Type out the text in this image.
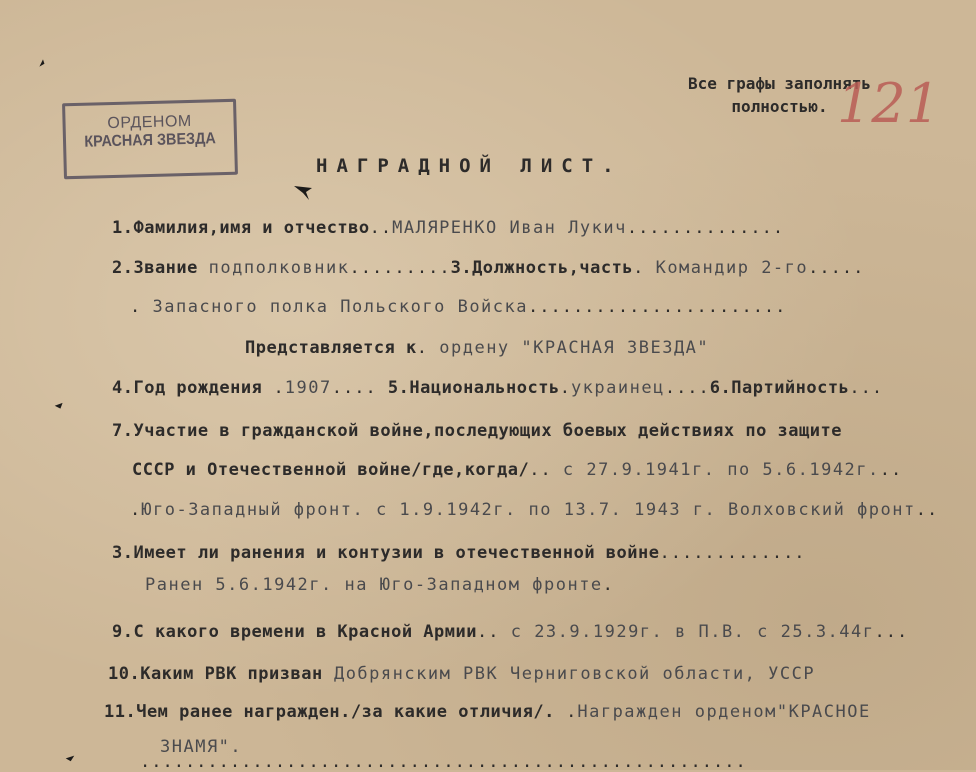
ОРДЕНОМ
КРАСНАЯ ЗВЕЗДА
Все графы заполнять
полностью. 121
НАГРАДНОЙ ЛИСТ.
1.Фамилия,имя и отчество..МАЛЯРЕНКО Иван Лукич..............
2.Звание подполковник.........3.Должность,часть. Командир 2-го.....
. Запасного полка Польского Войска.......................
Представляется к. ордену "КРАСНАЯ ЗВЕЗДА"
4.Год рождения .1907.... 5.Национальность.украинец....6.Партийность...
7.Участие в гражданской войне,последующих боевых действиях по защите
СССР и Отечественной войне/где,когда/.. с 27.9.1941г. по 5.6.1942г...
.Юго-Западный фронт. с 1.9.1942г. по 13.7. 1943 г. Волховский фронт..
3.Имеет ли ранения и контузии в отечественной войне.............
Ранен 5.6.1942г. на Юго-Западном фронте.
9.С какого времени в Красной Армии.. с 23.9.1929г. в П.В. с 25.3.44г...
10.Каким РВК призван Добрянским РВК Черниговской области, УССР
11.Чем ранее награжден./за какие отличия/. .Награжден орденом"КРАСНОЕ
ЗНАМЯ".
......................................................
